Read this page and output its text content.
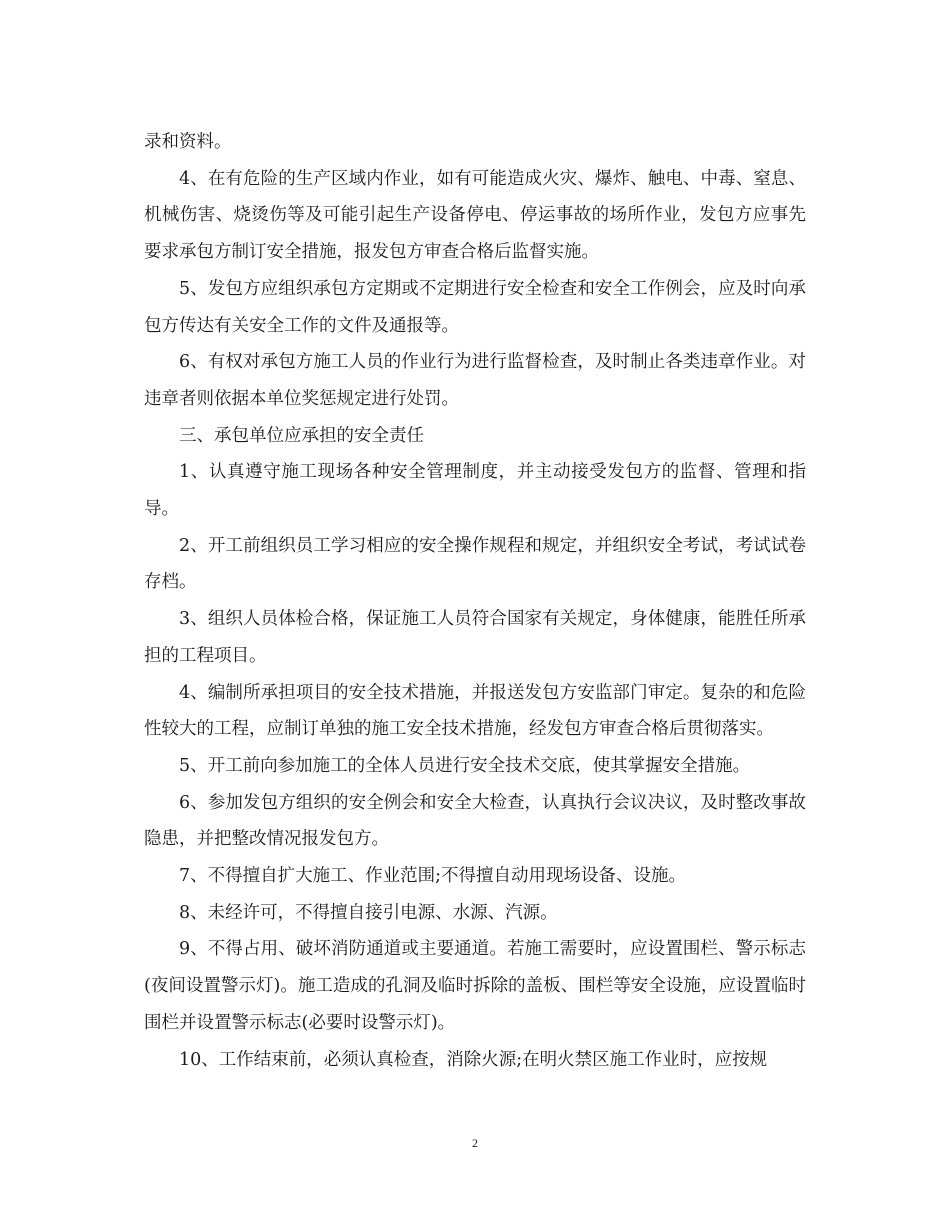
录和资料。

4、在有危险的生产区域内作业，如有可能造成火灾、爆炸、触电、中毒、窒息、机械伤害、烧烫伤等及可能引起生产设备停电、停运事故的场所作业，发包方应事先要求承包方制订安全措施，报发包方审查合格后监督实施。

5、发包方应组织承包方定期或不定期进行安全检查和安全工作例会，应及时向承包方传达有关安全工作的文件及通报等。

6、有权对承包方施工人员的作业行为进行监督检查，及时制止各类违章作业。对违章者则依据本单位奖惩规定进行处罚。

三、承包单位应承担的安全责任

1、认真遵守施工现场各种安全管理制度，并主动接受发包方的监督、管理和指导。

2、开工前组织员工学习相应的安全操作规程和规定，并组织安全考试，考试试卷存档。

3、组织人员体检合格，保证施工人员符合国家有关规定，身体健康，能胜任所承担的工程项目。

4、编制所承担项目的安全技术措施，并报送发包方安监部门审定。复杂的和危险性较大的工程，应制订单独的施工安全技术措施，经发包方审查合格后贯彻落实。

5、开工前向参加施工的全体人员进行安全技术交底，使其掌握安全措施。

6、参加发包方组织的安全例会和安全大检查，认真执行会议决议，及时整改事故隐患，并把整改情况报发包方。

7、不得擅自扩大施工、作业范围;不得擅自动用现场设备、设施。

8、未经许可，不得擅自接引电源、水源、汽源。

9、不得占用、破坏消防通道或主要通道。若施工需要时，应设置围栏、警示标志(夜间设置警示灯)。施工造成的孔洞及临时拆除的盖板、围栏等安全设施，应设置临时围栏并设置警示标志(必要时设警示灯)。

10、工作结束前，必须认真检查，消除火源;在明火禁区施工作业时，应按规

2
